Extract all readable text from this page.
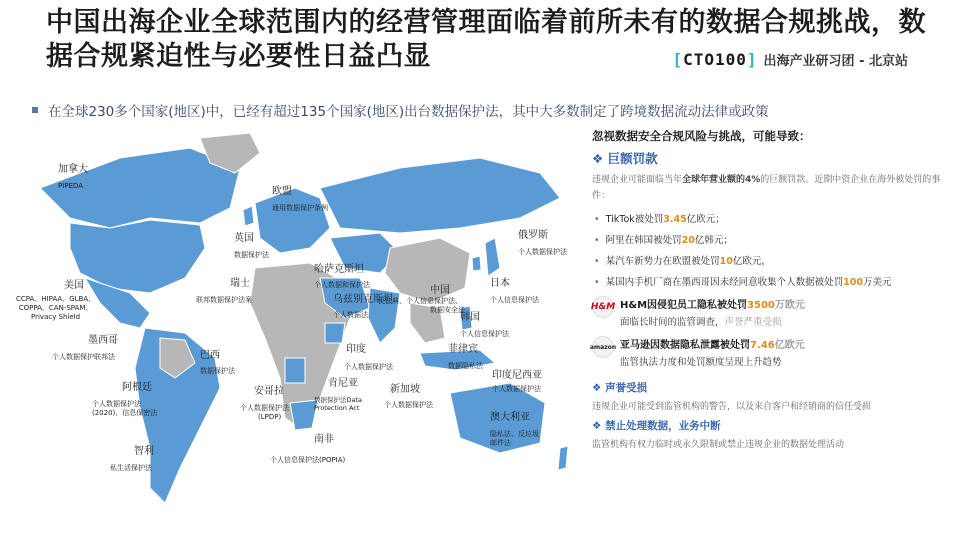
中国出海企业全球范围内的经营管理面临着前所未有的数据合规挑战，数据合规紧迫性与必要性日益凸显	[CTO100] 出海产业研习团 - 北京站
在全球230多个国家(地区)中，已经有超过135个国家(地区)出台数据保护法，其中大多数制定了跨境数据流动法律或政策
加拿大
PIPEDA	欧盟
通用数据保护条例
英国
数据保护法
俄罗斯
个人数据保护法
美国
CCPA、HIPAA、GLBA、
COPPA、CAN-SPAM、
Privacy Shield
瑞士
联邦数据保护法案
哈萨克斯坦
个人数据和保护法
乌兹别克斯坦
个人数据法
中国
民法典、个人信息保护法、
数据安全法
日本
个人信息保护法
韩国
个人信息保护法
墨西哥
个人数据保护联邦法	巴西
数据保护法
印度
个人数据保护法
菲律宾
数据隐私法
印度尼西亚
个人数据保护法
阿根廷
个人数据保护法
(2020)、信息保密法
安哥拉
个人数据保护法
(LPDP)
肯尼亚
数据保护法Data
Protection Act
新加坡
个人数据保护法
澳大利亚
隐私法、反垃圾
邮件法
智利
私生活保护法
南非
个人信息保护法(POPIA)
忽视数据安全合规风险与挑战，可能导致：
❖ 巨额罚款
违规企业可能面临当年全球年营业额的4%的巨额罚款。近期中资企业在海外被处罚的事件：
• TikTok被处罚3.45亿欧元；
• 阿里在韩国被处罚20亿韩元；
• 某汽车新势力在欧盟被处罚10亿欧元，
• 某国内手机厂商在墨西哥因未经同意收集个人数据被处罚100万美元
H&M H&M因侵犯员工隐私被处罚3500万欧元
面临长时间的监管调查，声誉严重受损
amazon 亚马逊因数据隐私泄露被处罚7.46亿欧元
监管执法力度和处罚额度呈现上升趋势
❖ 声誉受损
违规企业可能受到监管机构的警告，以及来自客户和经销商的信任受损
❖ 禁止处理数据，业务中断
监管机构有权力临时或永久限制或禁止违规企业的数据处理活动
